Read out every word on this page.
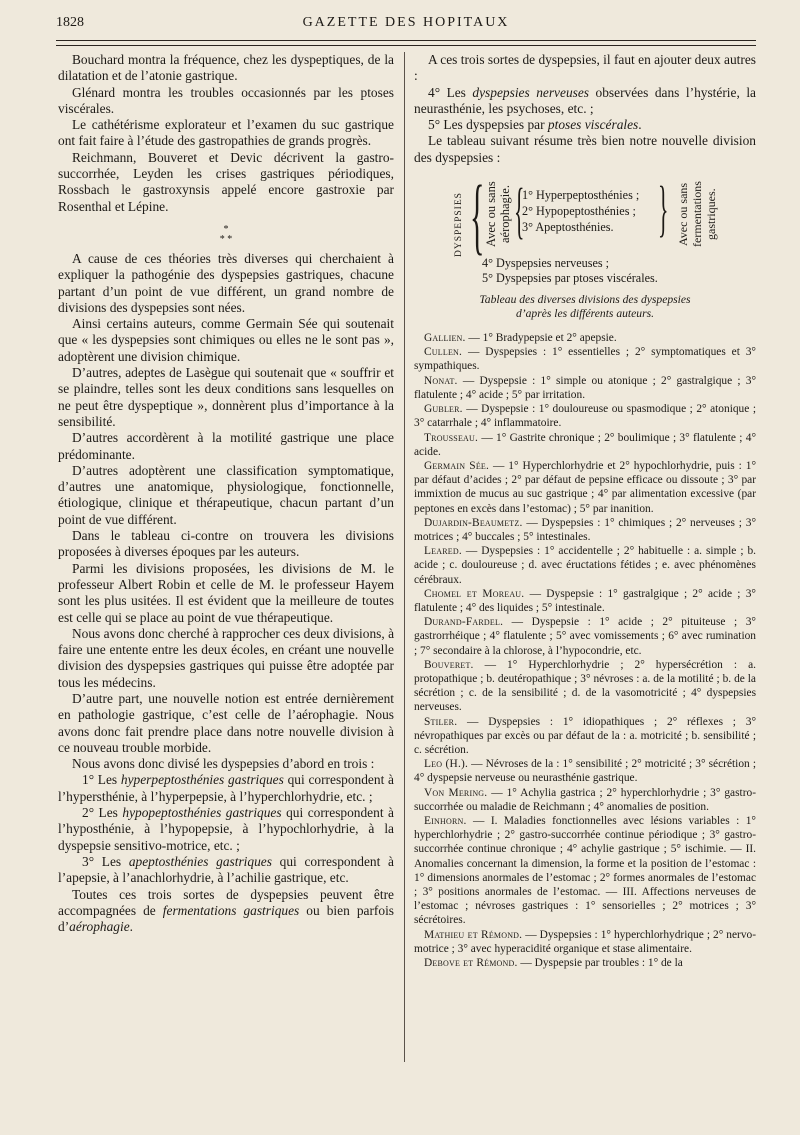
1828	GAZETTE DES HOPITAUX

Bouchard montra la fréquence, chez les dyspeptiques, de la dilatation et de l’atonie gastrique.

Glénard montra les troubles occasionnés par les ptoses viscérales.

Le cathétérisme explorateur et l’examen du suc gastrique ont fait faire à l’étude des gastropathies de grands progrès.

Reichmann, Bouveret et Devic décrivent la gastro-succorrhée, Leyden les crises gastriques périodiques, Rossbach le gastroxynsis appelé encore gastroxie par Rosenthal et Lépine.

*
* *

A cause de ces théories très diverses qui cherchaient à expliquer la pathogénie des dyspepsies gastriques, chacune partant d’un point de vue différent, un grand nombre de divisions des dyspepsies sont nées.

Ainsi certains auteurs, comme Germain Sée qui soutenait que « les dyspepsies sont chimiques ou elles ne le sont pas », adoptèrent une division chimique.

D’autres, adeptes de Lasègue qui soutenait que « souffrir et se plaindre, telles sont les deux conditions sans lesquelles on ne peut être dyspeptique », donnèrent plus d’importance à la sensibilité.

D’autres accordèrent à la motilité gastrique une place prédominante.

D’autres adoptèrent une classification symptomatique, d’autres une anatomique, physiologique, fonctionnelle, étiologique, clinique et thérapeutique, chacun partant d’un point de vue différent.

Dans le tableau ci-contre on trouvera les divisions proposées à diverses époques par les auteurs.

Parmi les divisions proposées, les divisions de M. le professeur Albert Robin et celle de M. le professeur Hayem sont les plus usitées. Il est évident que la meilleure de toutes est celle qui se place au point de vue thérapeutique.

Nous avons donc cherché à rapprocher ces deux divisions, à faire une entente entre les deux écoles, en créant une nouvelle division des dyspepsies gastriques qui puisse être adoptée par tous les médecins.

D’autre part, une nouvelle notion est entrée dernièrement en pathologie gastrique, c’est celle de l’aérophagie. Nous avons donc fait prendre place dans notre nouvelle division à ce nouveau trouble morbide.

Nous avons donc divisé les dyspepsies d’abord en trois :

1° Les hyperpeptosthénies gastriques qui correspondent à l’hypersthénie, à l’hyperpepsie, à l’hyperchlorhydrie, etc. ;

2° Les hypopeptosthénies gastriques qui correspondent à l’hyposthénie, à l’hypopepsie, à l’hypochlorhydrie, à la dyspepsie sensitivo-motrice, etc. ;

3° Les apeptosthénies gastriques qui correspondent à l’apepsie, à l’anachlorhydrie, à l’achilie gastrique, etc.

Toutes ces trois sortes de dyspepsies peuvent être accompagnées de fermentations gastriques ou bien parfois d’aérophagie.

A ces trois sortes de dyspepsies, il faut en ajouter deux autres :

4° Les dyspepsies nerveuses observées dans l’hystérie, la neurasthénie, les psychoses, etc. ;

5° Les dyspepsies par ptoses viscérales.

Le tableau suivant résume très bien notre nouvelle division des dyspepsies :

DYSPEPSIES { Avec ou sans aérophagie. {
1° Hyperpeptosthénies ;
2° Hypopeptosthénies ;
3° Apeptosthénies. } Avec ou sans fermentations gastriques.
4° Dyspepsies nerveuses ;
5° Dyspepsies par ptoses viscérales.
Tableau des diverses divisions des dyspepsies
d’après les différents auteurs.

Gallien. — 1° Bradypepsie et 2° apepsie.

Cullen. — Dyspepsies : 1° essentielles ; 2° symptomatiques et 3° sympathiques.

Nonat. — Dyspepsie : 1° simple ou atonique ; 2° gastralgique ; 3° flatulente ; 4° acide ; 5° par irritation.

Gubler. — Dyspepsie : 1° douloureuse ou spasmodique ; 2° atonique ; 3° catarrhale ; 4° inflammatoire.

Trousseau. — 1° Gastrite chronique ; 2° boulimique ; 3° flatulente ; 4° acide.

Germain Sée. — 1° Hyperchlorhydrie et 2° hypochlorhydrie, puis : 1° par défaut d’acides ; 2° par défaut de pepsine efficace ou dissoute ; 3° par immixtion de mucus au suc gastrique ; 4° par alimentation excessive (par peptones en excès dans l’estomac) ; 5° par inanition.

Dujardin-Beaumetz. — Dyspepsies : 1° chimiques ; 2° nerveuses ; 3° motrices ; 4° buccales ; 5° intestinales.

Leared. — Dyspepsies : 1° accidentelle ; 2° habituelle : a. simple ; b. acide ; c. douloureuse ; d. avec éructations fétides ; e. avec phénomènes cérébraux.

Chomel et Moreau. — Dyspepsie : 1° gastralgique ; 2° acide ; 3° flatulente ; 4° des liquides ; 5° intestinale.

Durand-Fardel. — Dyspepsie : 1° acide ; 2° pituiteuse ; 3° gastrorrhéique ; 4° flatulente ; 5° avec vomissements ; 6° avec rumination ; 7° secondaire à la chlorose, à l’hypocondrie, etc.

Bouveret. — 1° Hyperchlorhydrie ; 2° hypersécrétion : a. protopathique ; b. deutéropathique ; 3° névroses : a. de la motilité ; b. de la sécrétion ; c. de la sensibilité ; d. de la vasomotricité ; 4° dyspepsies nerveuses.

Stiler. — Dyspepsies : 1° idiopathiques ; 2° réflexes ; 3° névropathiques par excès ou par défaut de la : a. motricité ; b. sensibilité ; c. sécrétion.

Leo (H.). — Névroses de la : 1° sensibilité ; 2° motricité ; 3° sécrétion ; 4° dyspepsie nerveuse ou neurasthénie gastrique.

Von Mering. — 1° Achylia gastrica ; 2° hyperchlorhydrie ; 3° gastro-succorrhée ou maladie de Reichmann ; 4° anomalies de position.

Einhorn. — I. Maladies fonctionnelles avec lésions variables : 1° hyperchlorhydrie ; 2° gastro-succorrhée continue périodique ; 3° gastro-succorrhée continue chronique ; 4° achylie gastrique ; 5° ischimie. — II. Anomalies concernant la dimension, la forme et la position de l’estomac : 1° dimensions anormales de l’estomac ; 2° formes anormales de l’estomac ; 3° positions anormales de l’estomac. — III. Affections nerveuses de l’estomac ; névroses gastriques : 1° sensorielles ; 2° motrices ; 3° sécrétoires.

Mathieu et Rémond. — Dyspepsies : 1° hyperchlorhydrique ; 2° nervo-motrice ; 3° avec hyperacidité organique et stase alimentaire.

Debove et Rémond. — Dyspepsie par troubles : 1° de la
